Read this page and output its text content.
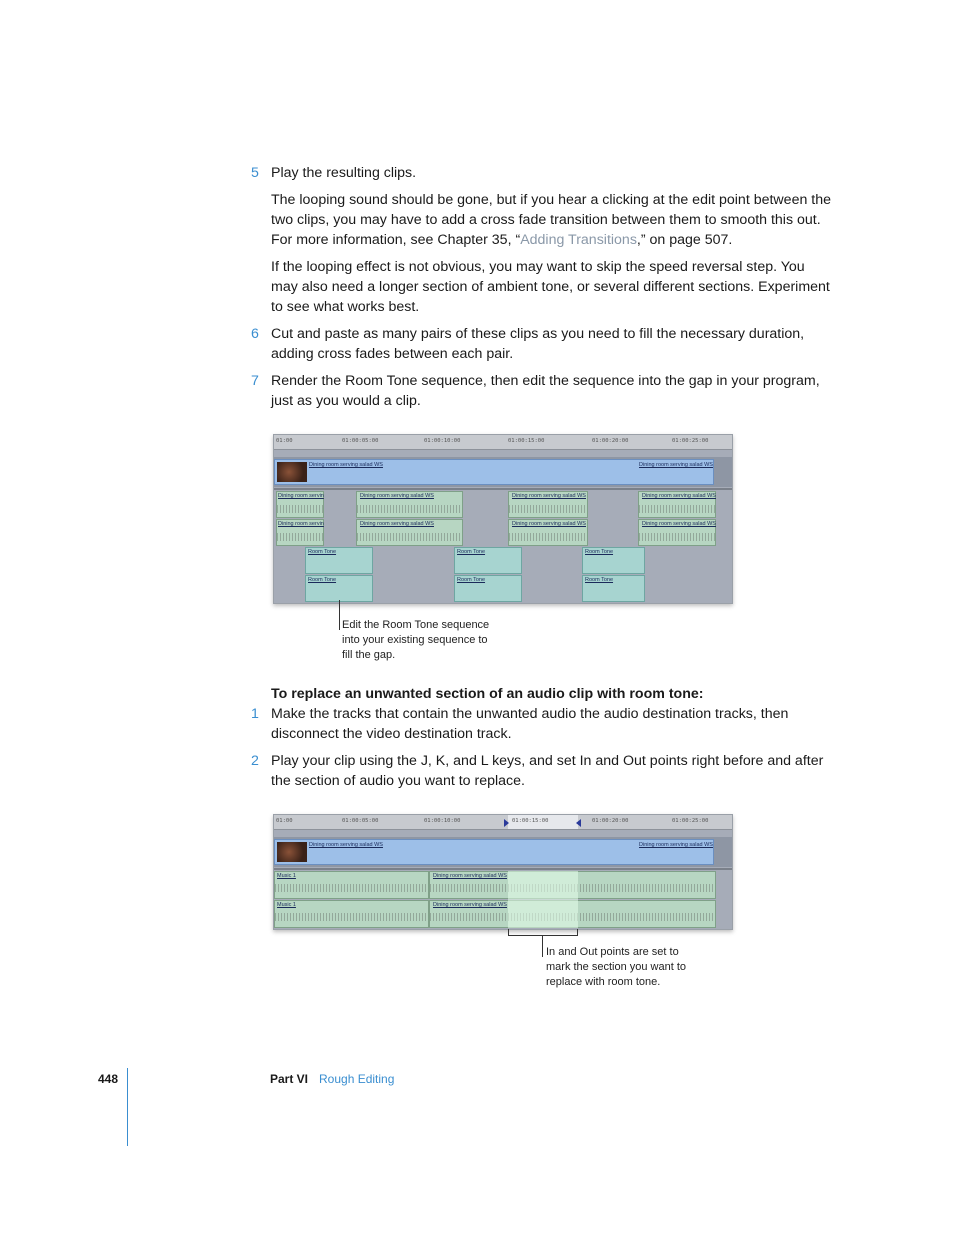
5 Play the resulting clips.

The looping sound should be gone, but if you hear a clicking at the edit point between the two clips, you may have to add a cross fade transition between them to smooth this out. For more information, see Chapter 35, “Adding Transitions,” on page 507.

If the looping effect is not obvious, you may want to skip the speed reversal step. You may also need a longer section of ambient tone, or several different sections. Experiment to see what works best.

6 Cut and paste as many pairs of these clips as you need to fill the necessary duration, adding cross fades between each pair.

7 Render the Room Tone sequence, then edit the sequence into the gap in your program, just as you would a clip.

01:00	01:00:05:00	01:00:10:00	01:00:15:00	01:00:20:00	01:00:25:00
Dining room serving salad WS	Dining room serving salad WS
Dining room servin	Dining room serving salad WS	Dining room serving salad WS	Dining room serving salad WS
Dining room servin	Dining room serving salad WS	Dining room serving salad WS	Dining room serving salad WS
Room Tone	Room Tone	Room Tone
Room Tone	Room Tone	Room Tone
Edit the Room Tone sequence into your existing sequence to fill the gap.

To replace an unwanted section of an audio clip with room tone:

1 Make the tracks that contain the unwanted audio the audio destination tracks, then disconnect the video destination track.

2 Play your clip using the J, K, and L keys, and set In and Out points right before and after the section of audio you want to replace.

01:00	01:00:05:00	01:00:10:00	01:00:15:00	01:00:20:00	01:00:25:00
Dining room serving salad WS	Dining room serving salad WS
Music 1	Dining room serving salad WS
Music 1	Dining room serving salad WS
In and Out points are set to mark the section you want to replace with room tone.
448	Part VI Rough Editing
